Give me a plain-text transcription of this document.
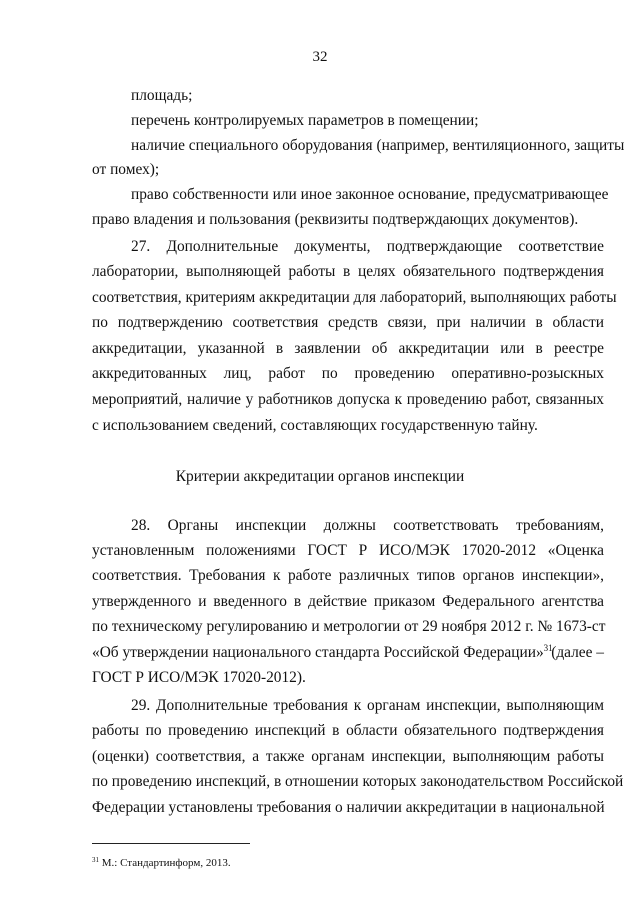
32
площадь;
перечень контролируемых параметров в помещении;
наличие специального оборудования (например, вентиляционного, защиты
от помех);
право собственности или иное законное основание, предусматривающее
право владения и пользования (реквизиты подтверждающих документов).
27. Дополнительные документы, подтверждающие соответствие
лаборатории, выполняющей работы в целях обязательного подтверждения
соответствия, критериям аккредитации для лабораторий, выполняющих работы
по подтверждению соответствия средств связи, при наличии в области
аккредитации, указанной в заявлении об аккредитации или в реестре
аккредитованных лиц, работ по проведению оперативно-розыскных
мероприятий, наличие у работников допуска к проведению работ, связанных
с использованием сведений, составляющих государственную тайну.
Критерии аккредитации органов инспекции
28. Органы инспекции должны соответствовать требованиям,
установленным положениями ГОСТ Р ИСО/МЭК 17020-2012 «Оценка
соответствия. Требования к работе различных типов органов инспекции»,
утвержденного и введенного в действие приказом Федерального агентства
по техническому регулированию и метрологии от 29 ноября 2012 г. № 1673-ст
«Об утверждении национального стандарта Российской Федерации»$^{31}$
(далее –
ГОСТ Р ИСО/МЭК 17020-2012).
29. Дополнительные требования к органам инспекции, выполняющим
работы по проведению инспекций в области обязательного подтверждения
(оценки) соответствия, а также органам инспекции, выполняющим работы
по проведению инспекций, в отношении которых законодательством Российской
Федерации установлены требования о наличии аккредитации в национальной
$^{31}$ М.: Стандартинформ, 2013.
